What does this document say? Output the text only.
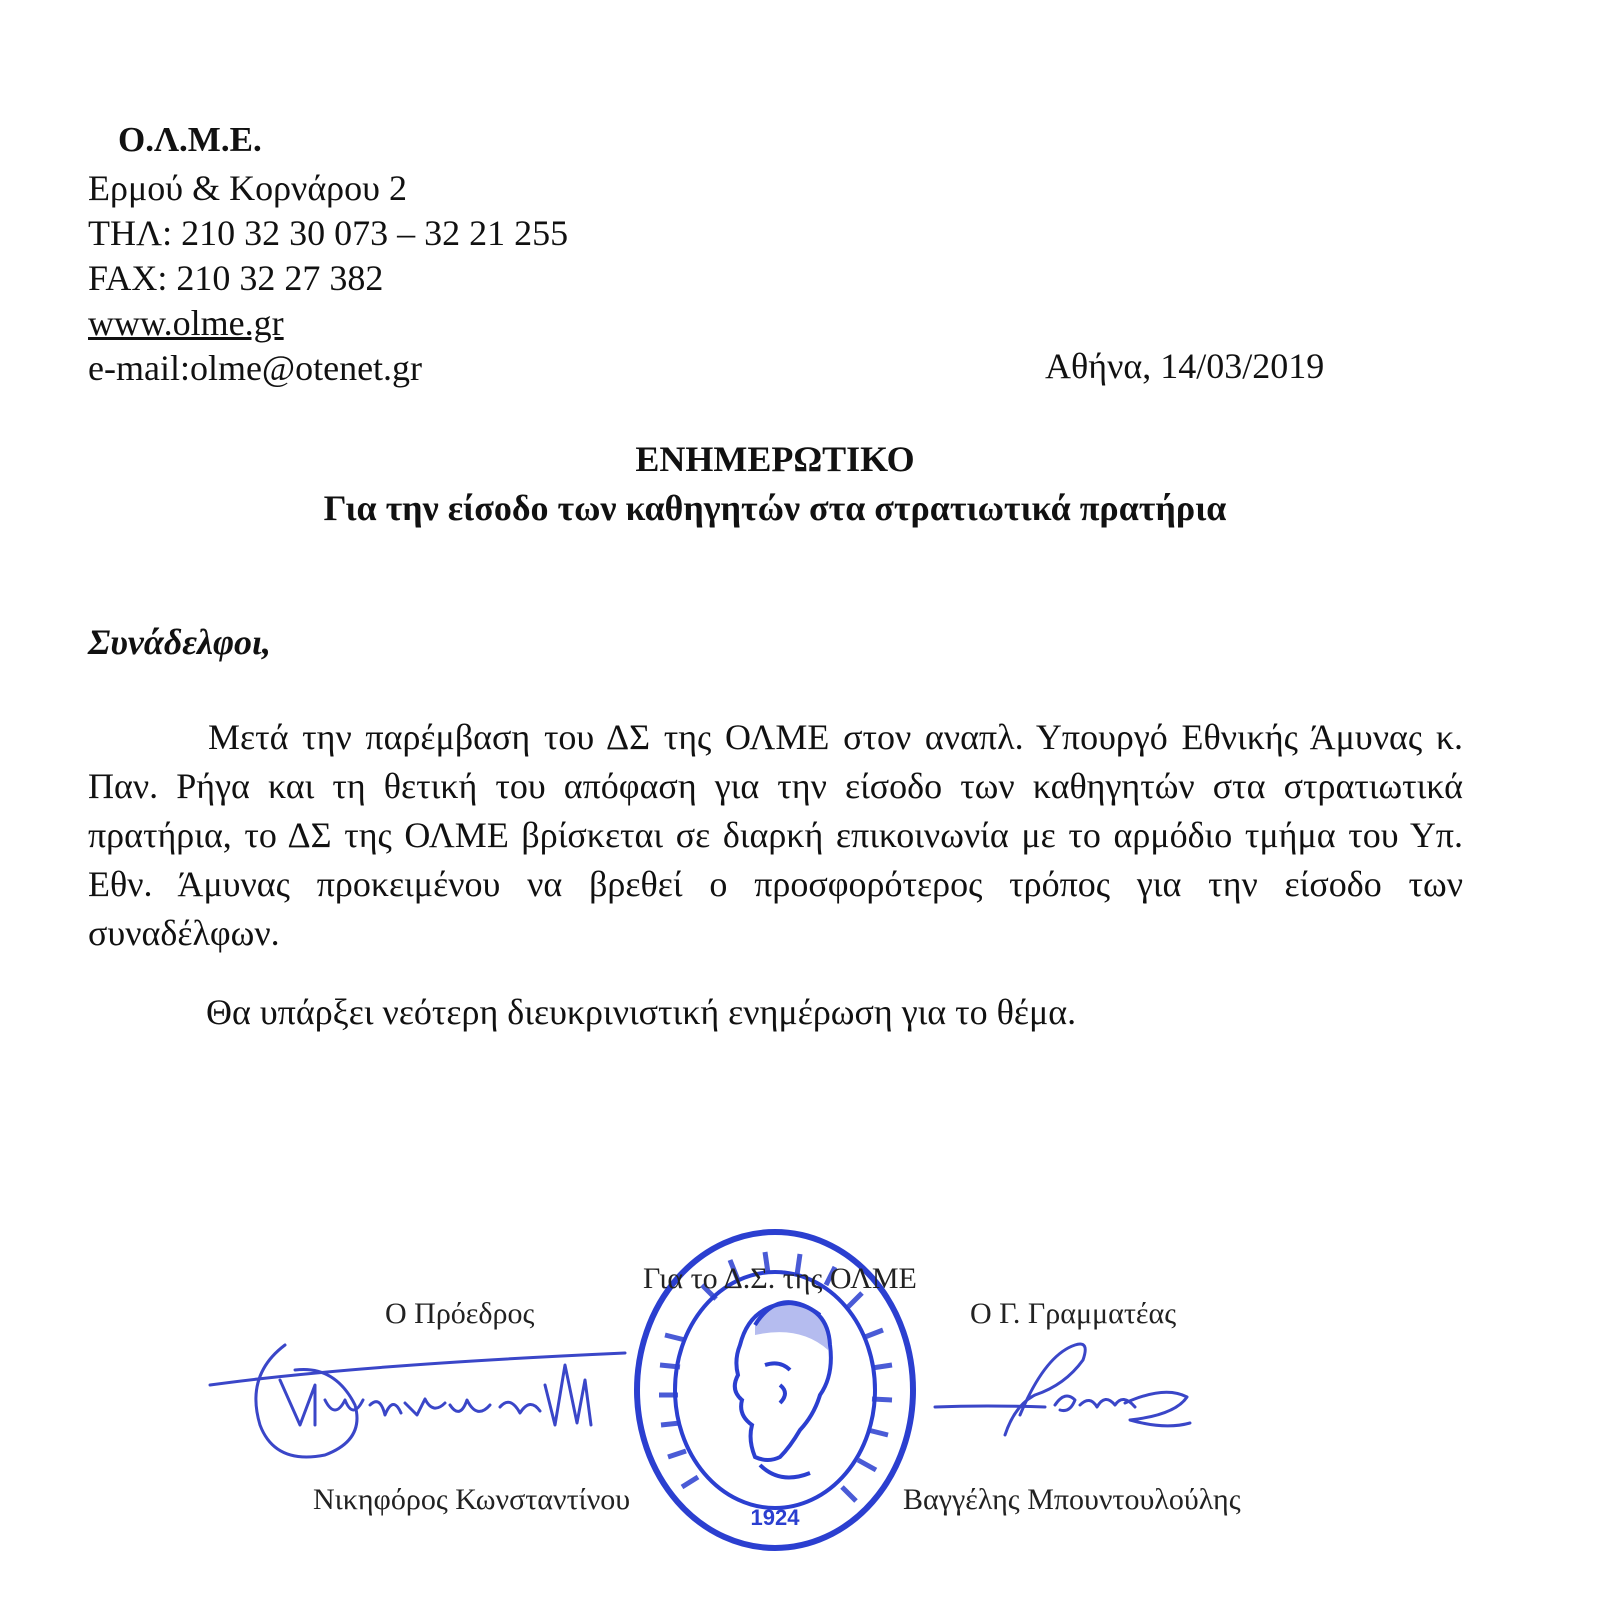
Ο.Λ.Μ.Ε.
Ερμού & Κορνάρου 2
ΤΗΛ: 210 32 30 073 – 32 21 255
FAX: 210 32 27 382
www.olme.gr
e-mail:olme@otenet.gr	Αθήνα, 14/03/2019
ΕΝΗΜΕΡΩΤΙΚΟ
Για την είσοδο των καθηγητών στα στρατιωτικά πρατήρια
Συνάδελφοι,
Μετά την παρέμβαση του ΔΣ της ΟΛΜΕ στον αναπλ. Υπουργό Εθνικής Άμυνας κ. Παν. Ρήγα και τη θετική του απόφαση για την είσοδο των καθηγητών στα στρατιωτικά πρατήρια, το ΔΣ της ΟΛΜΕ βρίσκεται σε διαρκή επικοινωνία με το αρμόδιο τμήμα του Υπ. Εθν. Άμυνας προκειμένου να βρεθεί ο προσφορότερος τρόπος για την είσοδο των συναδέλφων.
Θα υπάρξει νεότερη διευκρινιστική ενημέρωση για το θέμα.
1924
Για το Δ.Σ. της ΟΛΜΕ
Ο Πρόεδρος	Ο Γ. Γραμματέας
Νικηφόρος Κωνσταντίνου	Βαγγέλης Μπουντουλούλης
